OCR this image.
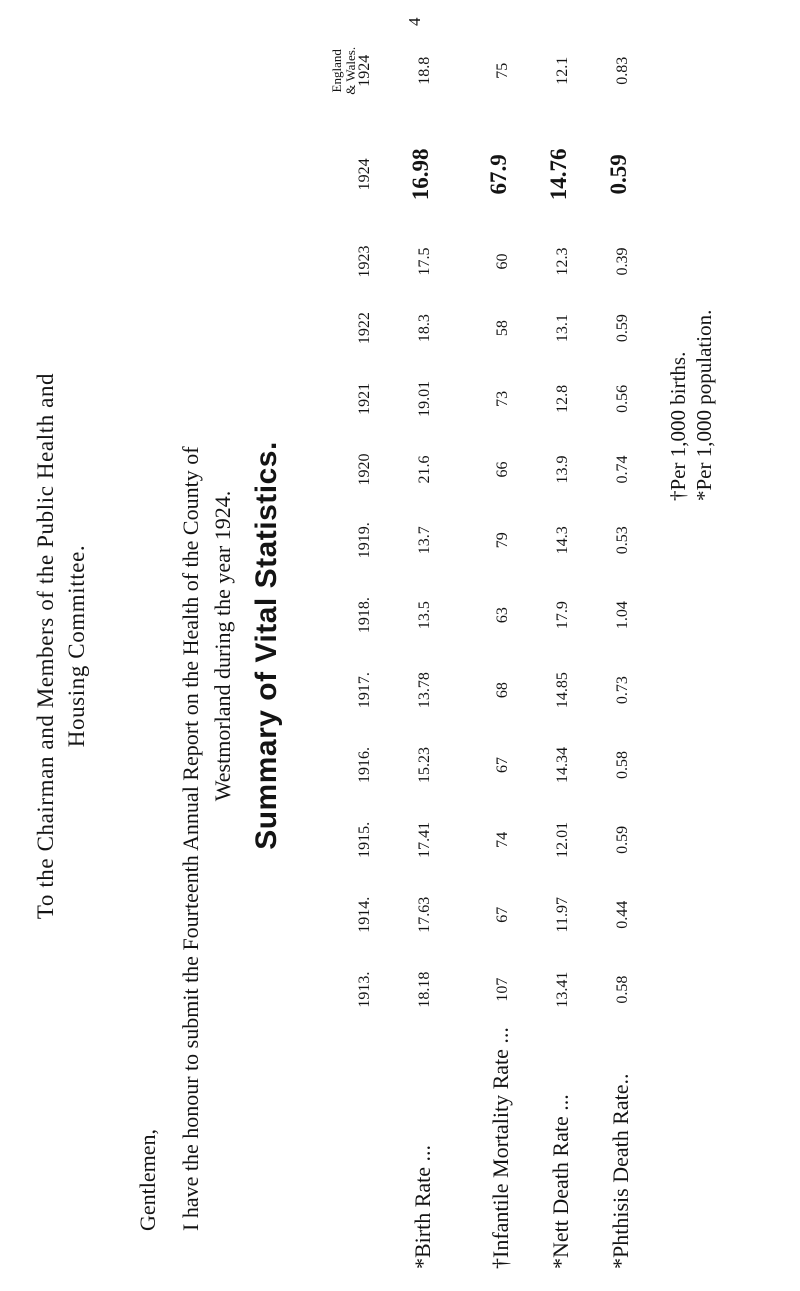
4
To the Chairman and Members of the Public Health and Housing Committee.
Gentlemen, I have the honour to submit the Fourteenth Annual Report on the Health of the County of Westmorland during the year 1924. Summary of Vital Statistics.
	1913.	1914.	1915.	1916.	1917.	1918.	1919.	1920	1921	1922	1923	1924	England
& Wales.
1924

*Birth Rate ...	18.18	17.63	17.41	15.23	13.78	13.5	13.7	21.6	19.01	18.3	17.5	16.98	18.8
†Infantile Mortality Rate ...	107	67	74	67	68	63	79	66	73	58	60	67.9	75
*Nett Death Rate ...	13.41	11.97	12.01	14.34	14.85	17.9	14.3	13.9	12.8	13.1	12.3	14.76	12.1
*Phthisis Death Rate..	0.58	0.44	0.59	0.58	0.73	1.04	0.53	0.74	0.56	0.59	0.39	0.59	0.83
†Per 1,000 births. *Per 1,000 population.
